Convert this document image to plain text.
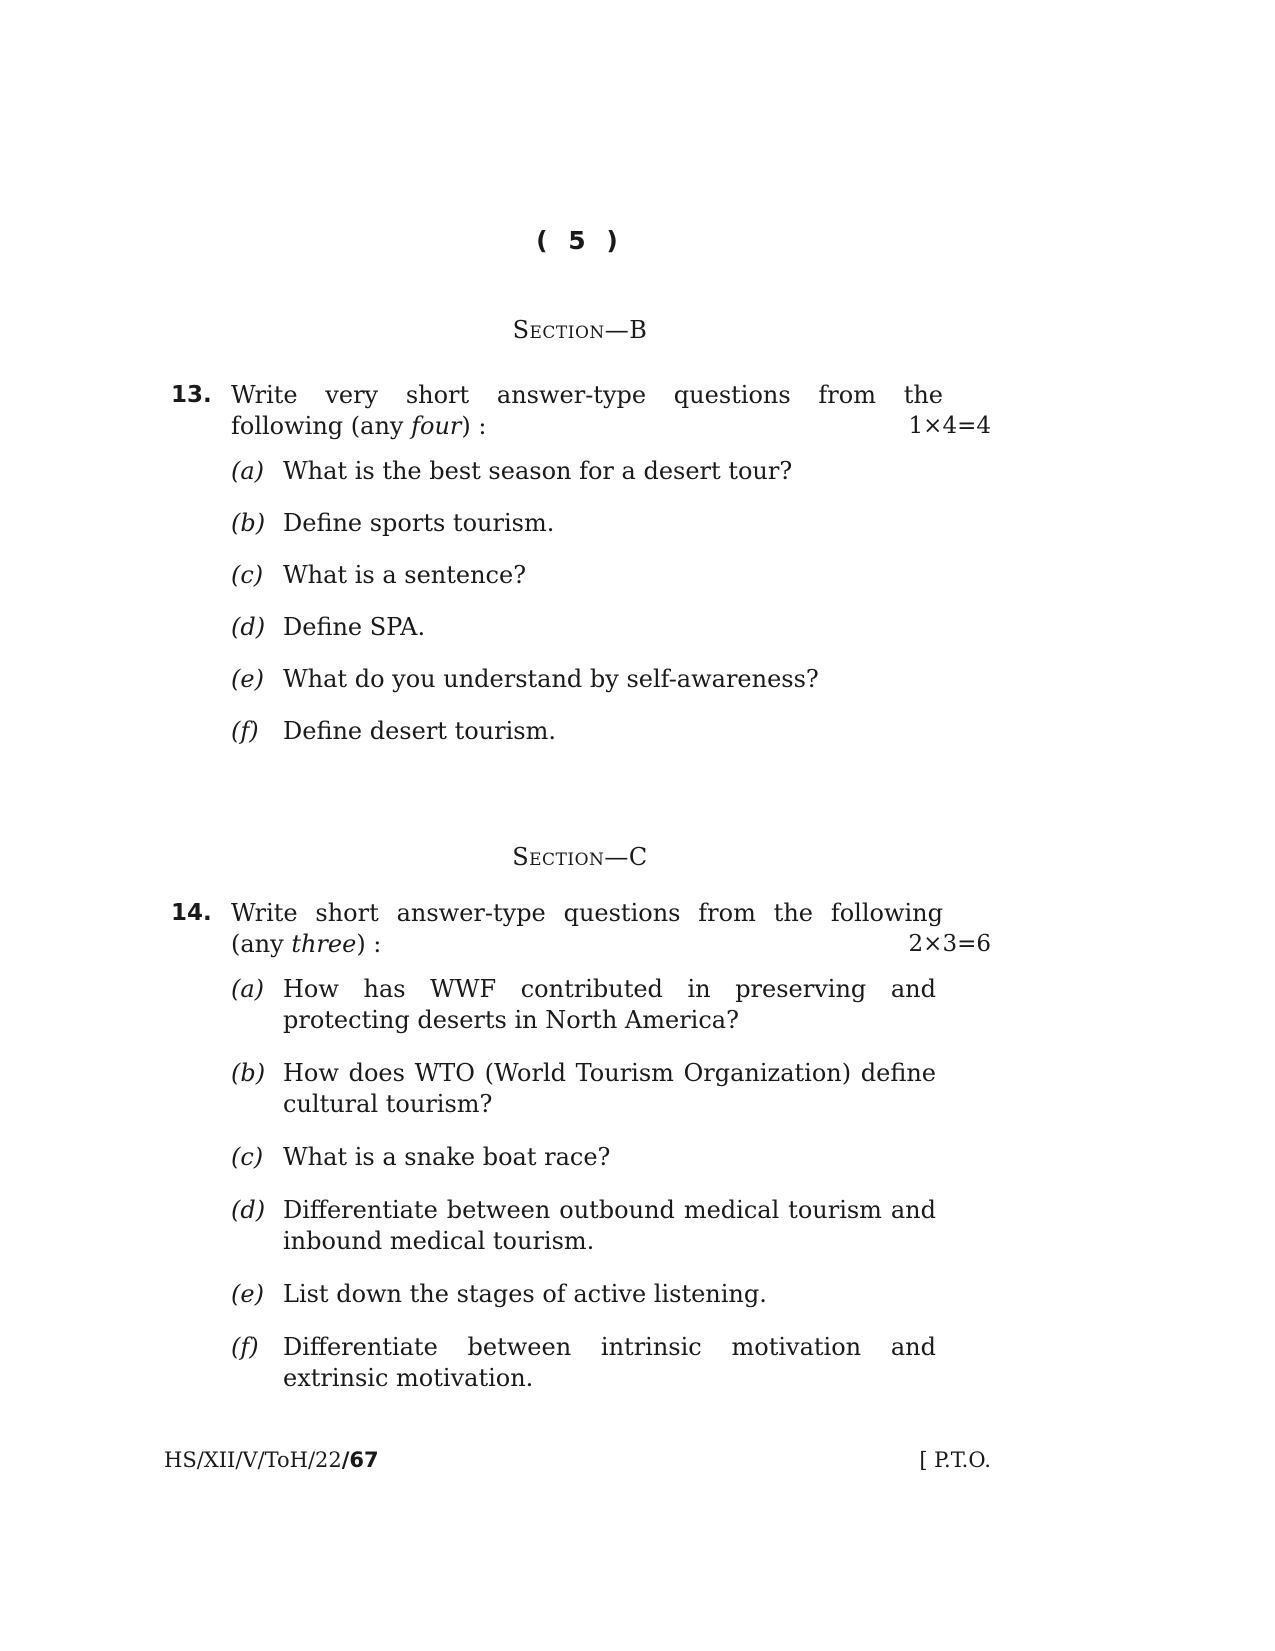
( 5 )
Section—B
13. Write very short answer-type questions from the
following (any four) :	1×4=4
(a) What is the best season for a desert tour?
(b) Define sports tourism.
(c) What is a sentence?
(d) Define SPA.
(e) What do you understand by self-awareness?
(f) Define desert tourism.
Section—C
14. Write short answer-type questions from the following
(any three) :	2×3=6
(a) How has WWF contributed in preserving and protecting deserts in North America?
(b) How does WTO (World Tourism Organization) define cultural tourism?
(c) What is a snake boat race?
(d) Differentiate between outbound medical tourism and inbound medical tourism.
(e) List down the stages of active listening.
(f) Differentiate between intrinsic motivation and extrinsic motivation.
HS/XII/V/ToH/22/67	[ P.T.O.
